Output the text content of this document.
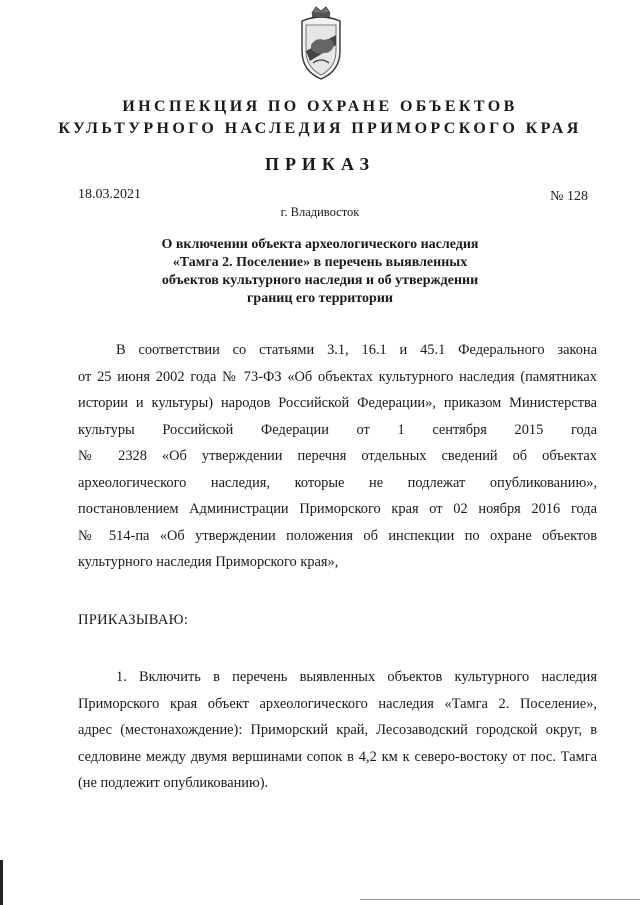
ИНСПЕКЦИЯ ПО ОХРАНЕ ОБЪЕКТОВ
КУЛЬТУРНОГО НАСЛЕДИЯ ПРИМОРСКОГО КРАЯ
ПРИКАЗ
18.03.2021	№ 128
г. Владивосток
О включении объекта археологического наследия
«Тамга 2. Поселение» в перечень выявленных
объектов культурного наследия и об утверждении
границ его территории
В соответствии со статьями 3.1, 16.1 и 45.1 Федерального закона
от 25 июня 2002 года № 73-ФЗ «Об объектах культурного наследия (памятниках
истории и культуры) народов Российской Федерации», приказом Министерства
культуры Российской Федерации от 1 сентября 2015 года
№ 2328 «Об утверждении перечня отдельных сведений об объектах
археологического наследия, которые не подлежат опубликованию»,
постановлением Администрации Приморского края от 02 ноября 2016 года
№ 514-па «Об утверждении положения об инспекции по охране объектов
культурного наследия Приморского края»,
ПРИКАЗЫВАЮ:
1. Включить в перечень выявленных объектов культурного наследия
Приморского края объект археологического наследия «Тамга 2. Поселение»,
адрес (местонахождение): Приморский край, Лесозаводский городской округ, в
седловине между двумя вершинами сопок в 4,2 км к северо-востоку от пос. Тамга
(не подлежит опубликованию).
